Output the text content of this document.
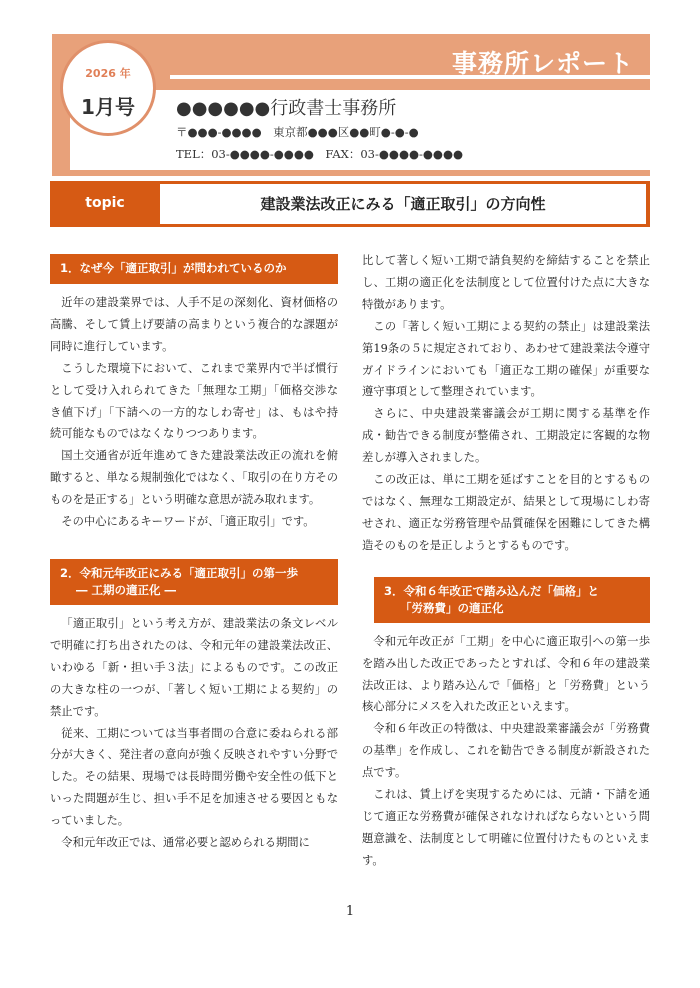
事務所レポート
2026 年
1月号	●●●●●●行政書士事務所
〒●●●-●●●●　東京都●●●区●●町●-●-●
TEL：03-●●●●-●●●●　FAX：03-●●●●-●●●●
topic	建設業法改正にみる「適正取引」の方向性
1．なぜ今「適正取引」が問われているのか

近年の建設業界では、人手不足の深刻化、資材価格の高騰、そして賃上げ要請の高まりという複合的な課題が同時に進行しています。

こうした環境下において、これまで業界内で半ば慣行として受け入れられてきた「無理な工期」「価格交渉なき値下げ」「下請への一方的なしわ寄せ」は、もはや持続可能なものではなくなりつつあります。

国土交通省が近年進めてきた建設業法改正の流れを俯瞰すると、単なる規制強化ではなく、「取引の在り方そのものを是正する」という明確な意思が読み取れます。

その中心にあるキーワードが、「適正取引」です。

2．令和元年改正にみる「適正取引」の第一歩
― 工期の適正化 ―

「適正取引」という考え方が、建設業法の条文レベルで明確に打ち出されたのは、令和元年の建設業法改正、いわゆる「新・担い手３法」によるものです。この改正の大きな柱の一つが、「著しく短い工期による契約」の禁止です。

従来、工期については当事者間の合意に委ねられる部分が大きく、発注者の意向が強く反映されやすい分野でした。その結果、現場では長時間労働や安全性の低下といった問題が生じ、担い手不足を加速させる要因ともなっていました。

令和元年改正では、通常必要と認められる期間に

比して著しく短い工期で請負契約を締結することを禁止し、工期の適正化を法制度として位置付けた点に大きな特徴があります。

この「著しく短い工期による契約の禁止」は建設業法第19条の５に規定されており、あわせて建設業法令遵守ガイドラインにおいても「適正な工期の確保」が重要な遵守事項として整理されています。

さらに、中央建設業審議会が工期に関する基準を作成・勧告できる制度が整備され、工期設定に客観的な物差しが導入されました。

この改正は、単に工期を延ばすことを目的とするものではなく、無理な工期設定が、結果として現場にしわ寄せされ、適正な労務管理や品質確保を困難にしてきた構造そのものを是正しようとするものです。

3．令和６年改正で踏み込んだ「価格」と
「労務費」の適正化

令和元年改正が「工期」を中心に適正取引への第一歩を踏み出した改正であったとすれば、令和６年の建設業法改正は、より踏み込んで「価格」と「労務費」という核心部分にメスを入れた改正といえます。

令和６年改正の特徴は、中央建設業審議会が「労務費の基準」を作成し、これを勧告できる制度が新設された点です。

これは、賃上げを実現するためには、元請・下請を通じて適正な労務費が確保されなければならないという問題意識を、法制度として明確に位置付けたものといえます。

1
